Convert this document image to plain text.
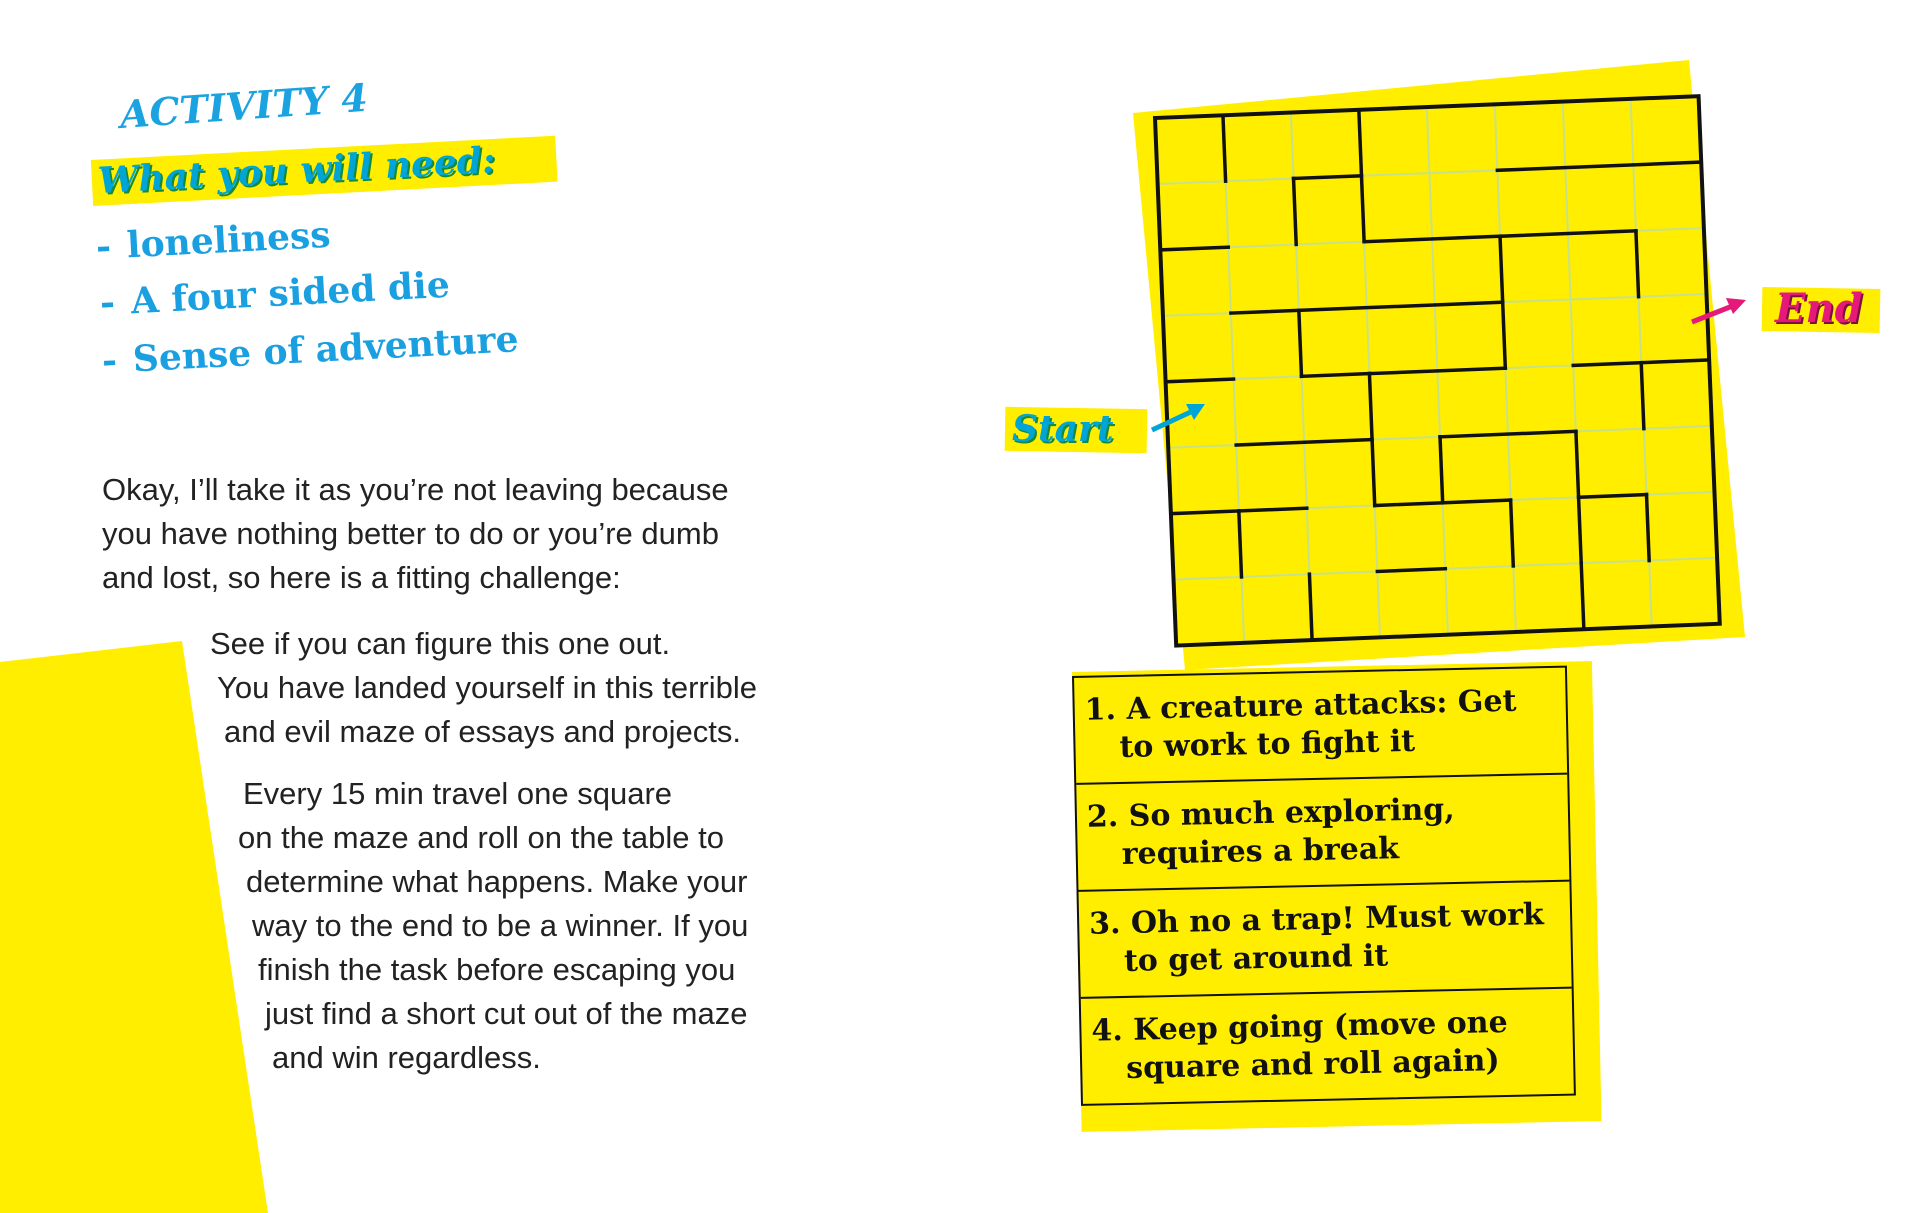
ACTIVITY 4
What you will need:
- loneliness
- A four sided die
- Sense of adventure
Okay, I’ll take it as you’re not leaving because
you have nothing better to do or you’re dumb
and lost, so here is a fitting challenge:
See if you can figure this one out.
You have landed yourself in this terrible
and evil maze of essays and projects.
Every 15 min travel one square
on the maze and roll on the table to
determine what happens. Make your
way to the end to be a winner. If you
finish the task before escaping you
just find a short cut out of the maze
and win regardless.
Start
End
1. A creature attacks: Get
to work to fight it
2. So much exploring,
requires a break
3. Oh no a trap! Must work
to get around it
4. Keep going (move one
square and roll again)
